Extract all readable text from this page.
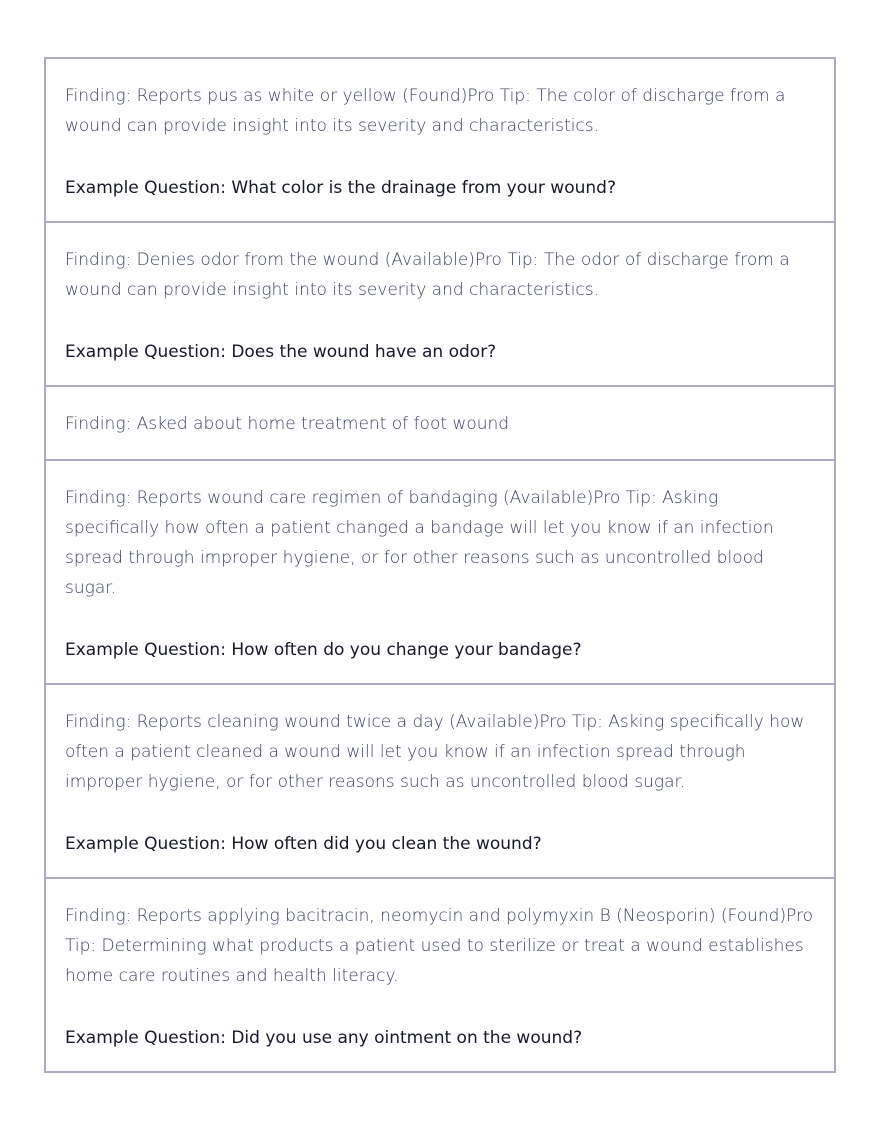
Finding: Reports pus as white or yellow (Found)Pro Tip: The color of discharge from a wound can provide insight into its severity and characteristics.

Example Question: What color is the drainage from your wound?

Finding: Denies odor from the wound (Available)Pro Tip: The odor of discharge from a wound can provide insight into its severity and characteristics.

Example Question: Does the wound have an odor?

Finding: Asked about home treatment of foot wound

Finding: Reports wound care regimen of bandaging (Available)Pro Tip: Asking specifically how often a patient changed a bandage will let you know if an infection spread through improper hygiene, or for other reasons such as uncontrolled blood sugar.

Example Question: How often do you change your bandage?

Finding: Reports cleaning wound twice a day (Available)Pro Tip: Asking specifically how often a patient cleaned a wound will let you know if an infection spread through improper hygiene, or for other reasons such as uncontrolled blood sugar.

Example Question: How often did you clean the wound?

Finding: Reports applying bacitracin, neomycin and polymyxin B (Neosporin) (Found)Pro Tip: Determining what products a patient used to sterilize or treat a wound establishes home care routines and health literacy.

Example Question: Did you use any ointment on the wound?
